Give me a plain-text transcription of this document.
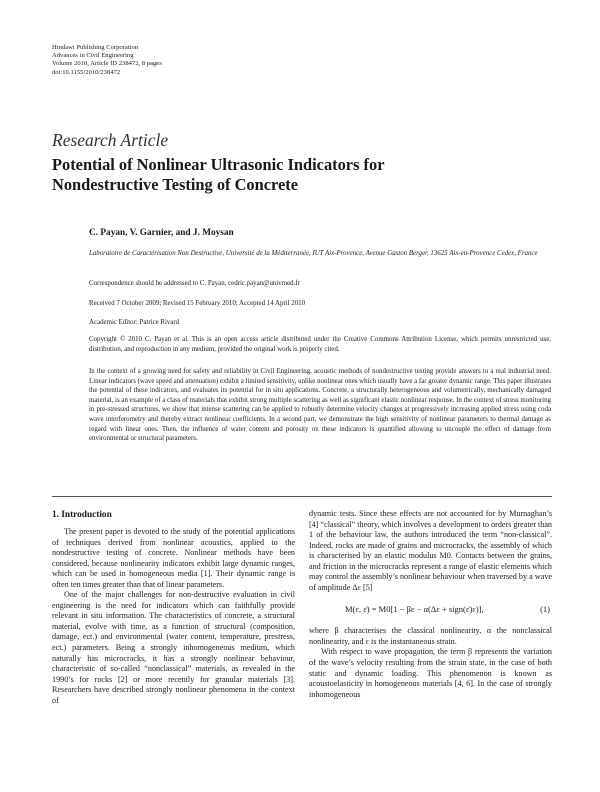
Hindawi Publishing Corporation
Advances in Civil Engineering
Volume 2010, Article ID 238472, 8 pages
doi:10.1155/2010/238472
Research Article
Potential of Nonlinear Ultrasonic Indicators for
Nondestructive Testing of Concrete
C. Payan, V. Garnier, and J. Moysan
Laboratoire de Caractérisation Non Destructive, Université de la Méditerranée, IUT Aix-Provence, Avenue Gaston Berger, 13625 Aix-en-Provence Cedex, France
Correspondence should be addressed to C. Payan, cedric.payan@univmed.fr
Received 7 October 2009; Revised 15 February 2010; Accepted 14 April 2010
Academic Editor: Patrice Rivard
Copyright © 2010 C. Payan et al. This is an open access article distributed under the Creative Commons Attribution License, which permits unrestricted use, distribution, and reproduction in any medium, provided the original work is properly cited.
In the context of a growing need for safety and reliability in Civil Engineering, acoustic methods of nondestructive testing provide answers to a real industrial need. Linear indicators (wave speed and attenuation) exhibit a limited sensitivity, unlike nonlinear ones which usually have a far greater dynamic range. This paper illustrates the potential of these indicators, and evaluates its potential for in situ applications. Concrete, a structurally heterogeneous and volumetrically, mechanically damaged material, is an example of a class of materials that exhibit strong multiple scattering as well as significant elastic nonlinear response. In the context of stress monitoring in pre-stressed structures, we show that intense scattering can be applied to robustly determine velocity changes at progressively increasing applied stress using coda wave interferometry and thereby extract nonlinear coefficients. In a second part, we demonstrate the high sensitivity of nonlinear parameters to thermal damage as regard with linear ones. Then, the influence of water content and porosity on these indicators is quantified allowing to uncouple the effect of damage from environmental or structural parameters.
1. Introduction

The present paper is devoted to the study of the potential applications of techniques derived from nonlinear acoustics, applied to the nondestructive testing of concrete. Nonlinear methods have been considered, because nonlinearity indicators exhibit large dynamic ranges, which can be used in homogeneous media [1]. Their dynamic range is often ten times greater than that of linear parameters.

One of the major challenges for non-destructive evaluation in civil engineering is the need for indicators which can faithfully provide relevant in situ information. The characteristics of concrete, a structural material, evolve with time, as a function of structural (composition, damage, ect.) and environmental (water content, temperature, prestress, ect.) parameters. Being a strongly inhomogeneous medium, which naturally has microcracks, it has a strongly nonlinear behaviour, characteristic of so-called “nonclassical” materials, as revealed in the 1990’s for rocks [2] or more recently for granular materials [3]. Researchers have described strongly nonlinear phenomena in the context of

dynamic tests. Since these effects are not accounted for by Murnaghan’s [4] “classical” theory, which involves a development to orders greater than 1 of the behaviour law, the authors introduced the term “non-classical”. Indeed, rocks are made of grains and microcracks, the assembly of which is characterised by an elastic modulus M0. Contacts between the grains, and friction in the microcracks represent a range of elastic elements which may control the assembly’s nonlinear behaviour when traversed by a wave of amplitude Δε [5]

M(ε, ε̇) = M0[1 − βε − α(Δε + sign(ε̇)ε)],	(1)

where β characterises the classical nonlinearity, α the nonclassical nonlinearity, and ε is the instantaneous strain.

With respect to wave propagation, the term β represents the variation of the wave’s velocity resulting from the strain state, in the case of both static and dynamic loading. This phenomenon is known as acoustoelasticity in homogeneous materials [4, 6]. In the case of strongly inhomogeneous
